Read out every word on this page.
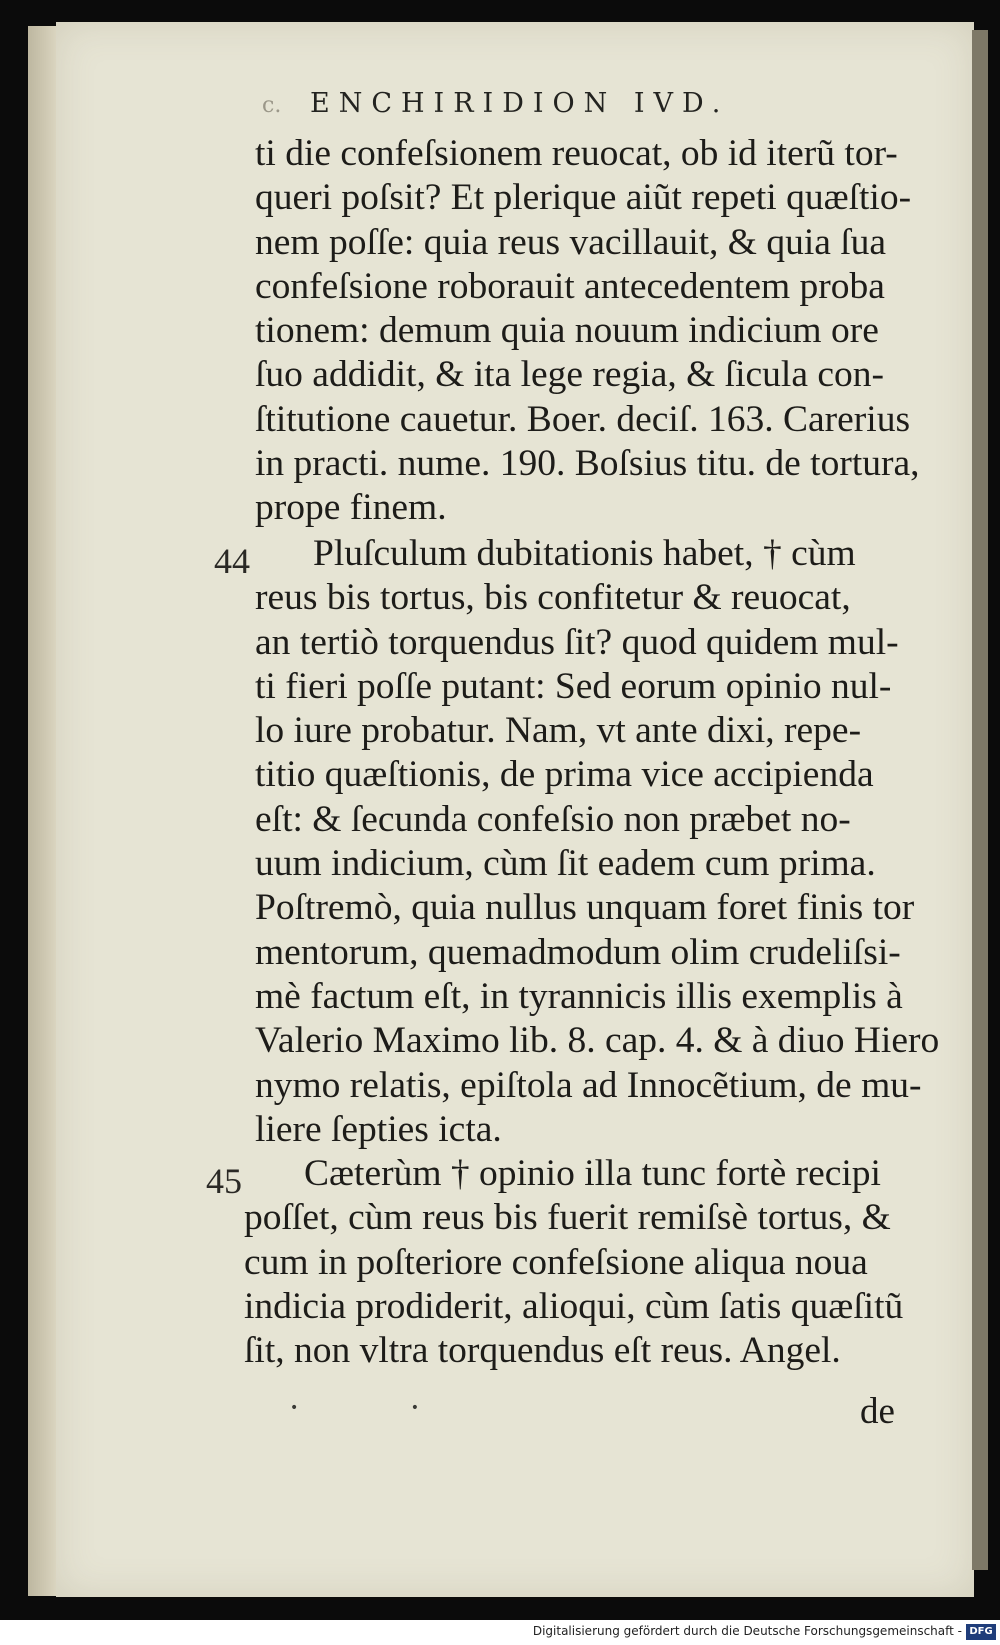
c. ENCHIRIDION IVD.
ti die confeſsionem reuocat, ob id iterũ tor-
queri poſsit? Et plerique aiũt repeti quæſtio-
nem poſſe: quia reus vacillauit, & quia ſua
confeſsione roborauit antecedentem proba
tionem: demum quia nouum indicium ore
ſuo addidit, & ita lege regia, & ſicula con-
ſtitutione cauetur. Boer. deciſ. 163. Carerius
in practi. nume. 190. Boſsius titu. de tortura,
prope finem.
44	Pluſculum dubitationis habet, † cùm
reus bis tortus, bis confitetur & reuocat,
an tertiò torquendus ſit? quod quidem mul-
ti fieri poſſe putant: Sed eorum opinio nul-
lo iure probatur. Nam, vt ante dixi, repe-
titio quæſtionis, de prima vice accipienda
eſt: & ſecunda confeſsio non præbet no-
uum indicium, cùm ſit eadem cum prima.
Poſtremò, quia nullus unquam foret finis tor
mentorum, quemadmodum olim crudeliſsi-
mè factum eſt, in tyrannicis illis exemplis à
Valerio Maximo lib. 8. cap. 4. & à diuo Hiero
nymo relatis, epiſtola ad Innocẽtium, de mu-
liere ſepties icta.
45	Cæterùm † opinio illa tunc fortè recipi
poſſet, cùm reus bis fuerit remiſsè tortus, &
cum in poſteriore confeſsione aliqua noua
indicia prodiderit, alioqui, cùm ſatis quæſitũ
ſit, non vltra torquendus eſt reus. Angel.
• •	de
Digitalisierung gefördert durch die Deutsche Forschungsgemeinschaft - DFG
